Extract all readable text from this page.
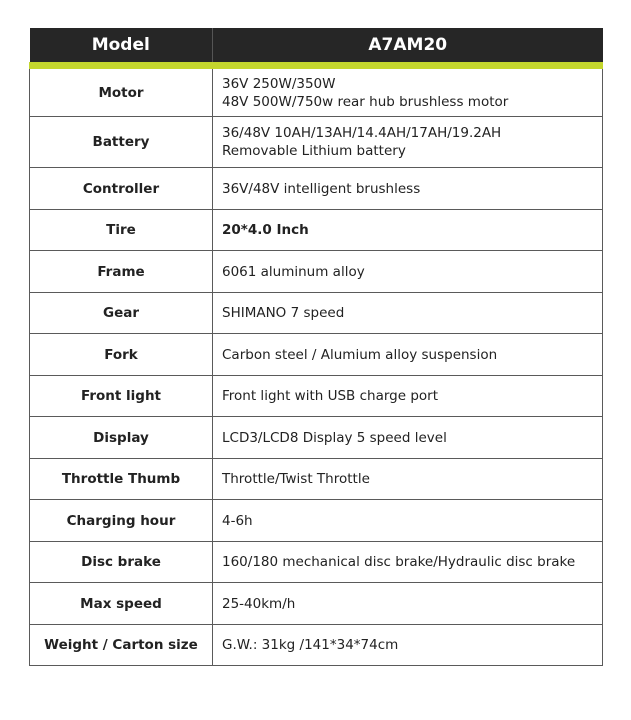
Model	A7AM20
Motor	36V 250W/350W
48V 500W/750w rear hub brushless motor

Battery	36/48V 10AH/13AH/14.4AH/17AH/19.2AH
Removable Lithium battery

Controller	36V/48V intelligent brushless
Tire	20*4.0 Inch
Frame	6061 aluminum alloy
Gear	SHIMANO 7 speed
Fork	Carbon steel / Alumium alloy suspension
Front light	Front light with USB charge port
Display	LCD3/LCD8 Display 5 speed level
Throttle Thumb	Throttle/Twist Throttle
Charging hour	4-6h
Disc brake	160/180 mechanical disc brake/Hydraulic disc brake
Max speed	25-40km/h
Weight / Carton size	G.W.: 31kg /141*34*74cm
